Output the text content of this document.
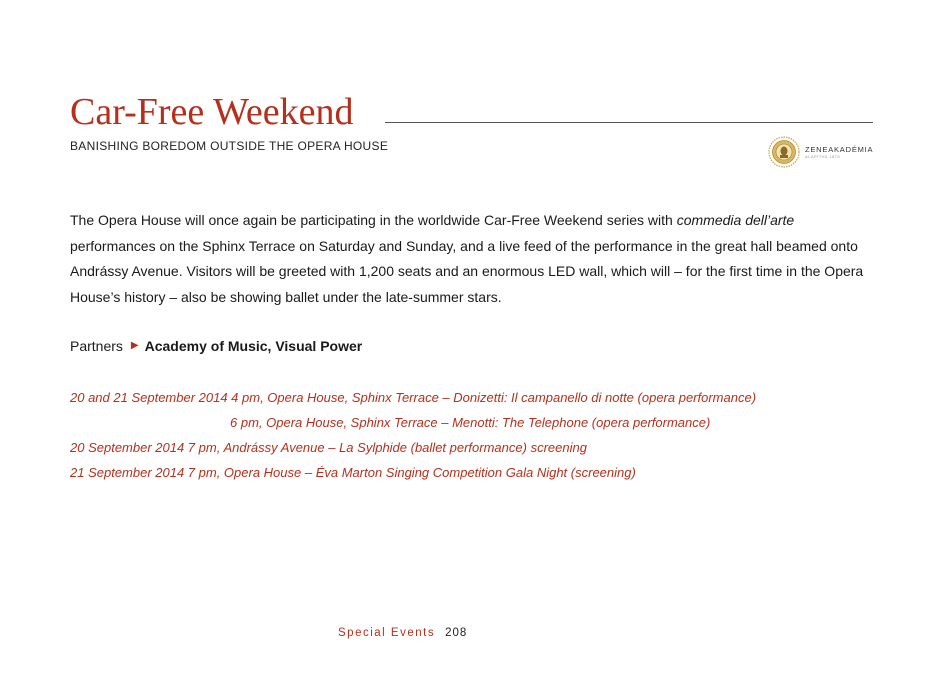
Car-Free Weekend
BANISHING BOREDOM OUTSIDE THE OPERA HOUSE	ZENEAKADÉMIA
ALAPÍTVA 1875

The Opera House will once again be participating in the worldwide Car-Free Weekend series with commedia dell’arte performances on the Sphinx Terrace on Saturday and Sunday, and a live feed of the performance in the great hall beamed onto Andrássy Avenue. Visitors will be greeted with 1,200 seats and an enormous LED wall, which will – for the first time in the Opera House’s history – also be showing ballet under the late-summer stars.

Partners ▶ Academy of Music, Visual Power
20 and 21 September 2014 4 pm, Opera House, Sphinx Terrace – Donizetti: Il campanello di notte (opera performance)
6 pm, Opera House, Sphinx Terrace – Menotti: The Telephone (opera performance)
20 September 2014 7 pm, Andrássy Avenue – La Sylphide (ballet performance) screening
21 September 2014 7 pm, Opera House – Éva Marton Singing Competition Gala Night (screening)
Special Events 208
